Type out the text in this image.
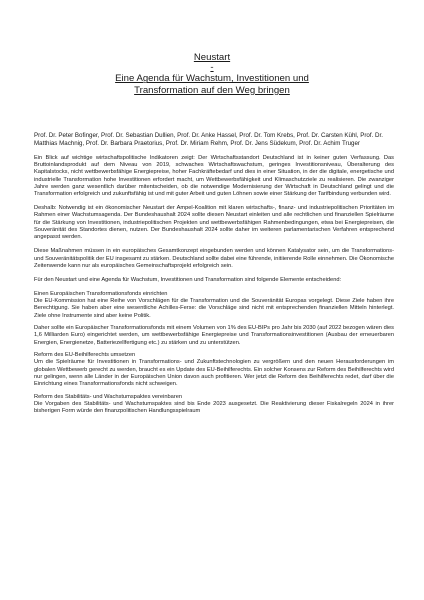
Neustart
-
Eine Agenda für Wachstum, Investitionen und
Transformation auf den Weg bringen

Prof. Dr. Peter Bofinger, Prof. Dr. Sebastian Dullien, Prof. Dr. Anke Hassel, Prof. Dr. Tom Krebs, Prof. Dr. Carsten Kühl, Prof. Dr. Matthias Machnig, Prof. Dr. Barbara Praetorius, Prof. Dr. Miriam Rehm, Prof. Dr. Jens Südekum, Prof. Dr. Achim Truger

Ein Blick auf wichtige wirtschaftspolitische Indikatoren zeigt: Der Wirtschaftsstandort Deutschland ist in keiner guten Verfassung. Das Bruttoinlandsprodukt auf dem Niveau von 2019, schwaches Wirtschaftswachstum, geringes Investitionsniveau, Überalterung des Kapitalstocks, nicht wettbewerbsfähige Energiepreise, hoher Fachkräftebedarf und dies in einer Situation, in der die digitale, energetische und industrielle Transformation hohe Investitionen erfordert macht, um Wettbewerbsfähigkeit und Klimaschutzziele zu realisieren. Die zwanziger Jahre werden ganz wesentlich darüber mitentscheiden, ob die notwendige Modernisierung der Wirtschaft in Deutschland gelingt und die Transformation erfolgreich und zukunftsfähig ist und mit guter Arbeit und guten Löhnen sowie einer Stärkung der Tarifbindung verbunden wird.

Deshalb: Notwendig ist ein ökonomischer Neustart der Ampel-Koalition mit klaren wirtschafts-, finanz- und industriepolitischen Prioritäten im Rahmen einer Wachstumsagenda. Der Bundeshaushalt 2024 sollte diesen Neustart einleiten und alle rechtlichen und finanziellen Spielräume für die Stärkung von Investitionen, industriepolitischen Projekten und wettbewerbsfähigen Rahmenbedingungen, etwa bei Energiepreisen, die Souveränität des Standortes dienen, nutzen. Der Bundeshaushalt 2024 sollte daher im weiteren parlamentarischen Verfahren entsprechend angepasst werden.

Diese Maßnahmen müssen in ein europäisches Gesamtkonzept eingebunden werden und können Katalysator sein, um die Transformations- und Souveränitätspolitik der EU insgesamt zu stärken. Deutschland sollte dabei eine führende, initiierende Rolle einnehmen. Die Ökonomische Zeitenwende kann nur als europäisches Gemeinschaftsprojekt erfolgreich sein.

Für den Neustart und eine Agenda für Wachstum, Investitionen und Transformation sind folgende Elemente entscheidend:

Einen Europäischen Transformationsfonds einrichten
Die EU-Kommission hat eine Reihe von Vorschlägen für die Transformation und die Souveränität Europas vorgelegt. Diese Ziele haben ihre Berechtigung. Sie haben aber eine wesentliche Achilles-Ferse: die Vorschläge sind nicht mit entsprechenden finanziellen Mitteln hinterlegt. Ziele ohne Instrumente sind aber keine Politik.
Daher sollte ein Europäischer Transformationsfonds mit einem Volumen von 1% des EU-BIPs pro Jahr bis 2030 (auf 2022 bezogen wären dies 1,6 Milliarden Euro) eingerichtet werden, um wettbewerbsfähige Energiepreise und Transformationsinvestitionen (Ausbau der erneuerbaren Energien, Energienetze, Batteriezellfertigung etc.) zu stärken und zu unterstützen.
Reform des EU-Beihilferechts umsetzen
Um die Spielräume für Investitionen in Transformations- und Zukunftstechnologien zu vergrößern und den neuen Herausforderungen im globalen Wettbewerb gerecht zu werden, braucht es ein Update des EU-Beihilferechts. Ein solcher Konsens zur Reform des Beihilferechts wird nur gelingen, wenn alle Länder in der Europäischen Union davon auch profitieren. Wer jetzt die Reform des Beihilferechts redet, darf über die Einrichtung eines Transformationsfonds nicht schweigen.
Reform des Stabilitäts- und Wachstumspaktes vereinbaren
Die Vorgaben des Stabilitäts- und Wachstumspaktes sind bis Ende 2023 ausgesetzt. Die Reaktivierung dieser Fiskalregeln 2024 in ihrer bisherigen Form würde den finanzpolitischen Handlungsspielraum
